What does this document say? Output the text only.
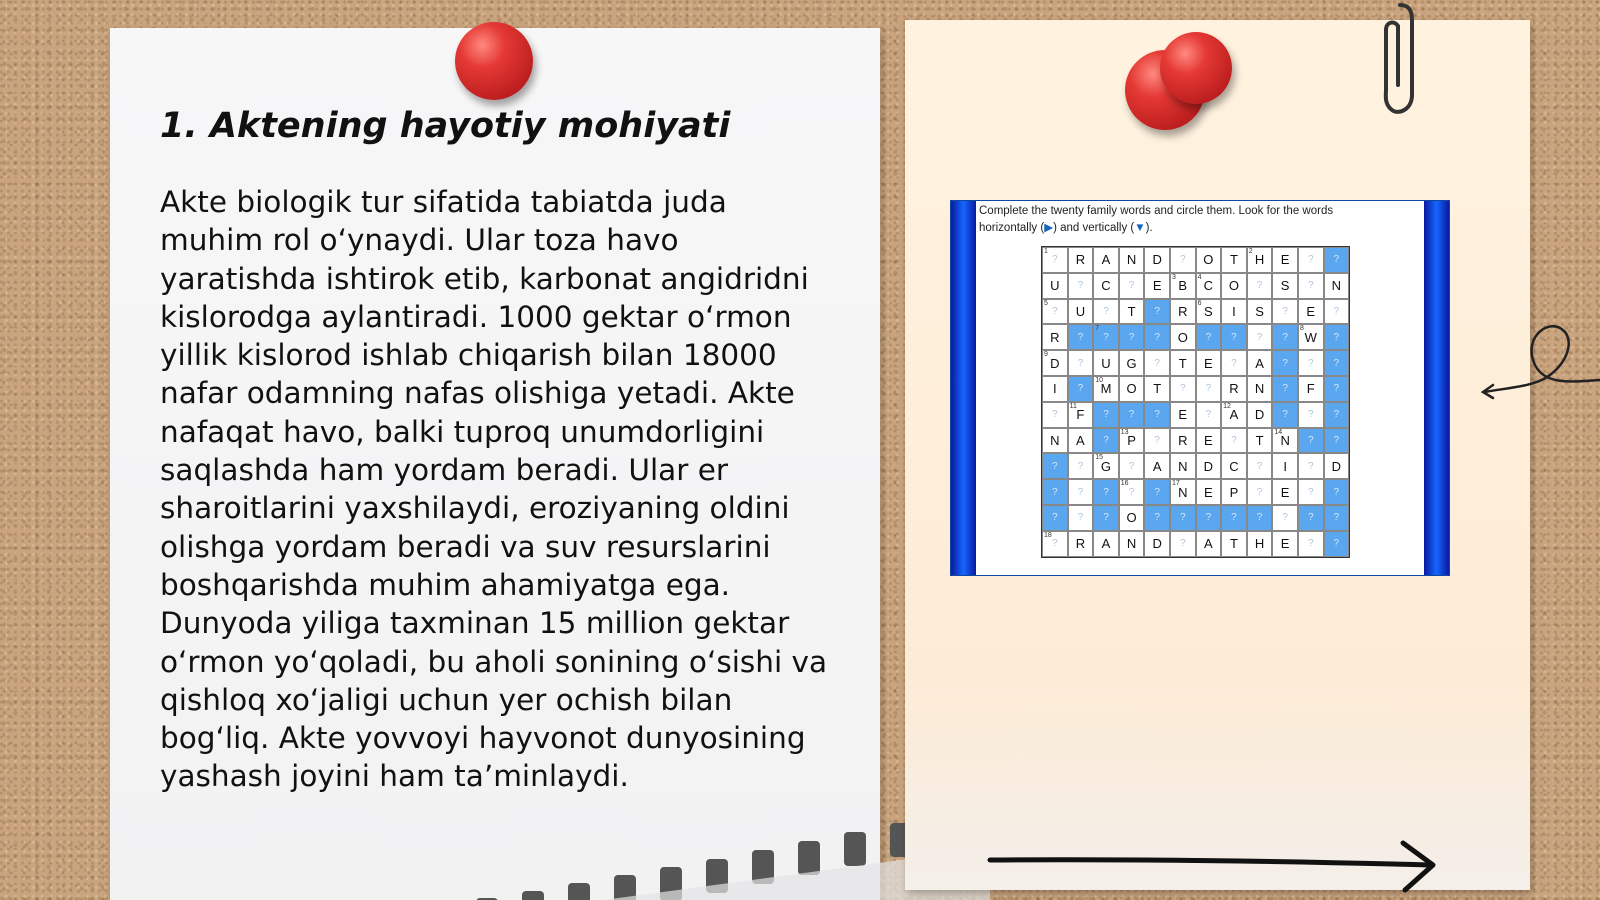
1. Aktening hayotiy mohiyati
Akte biologik tur sifatida tabiatda juda
muhim rol oʻynaydi. Ular toza havo
yaratishda ishtirok etib, karbonat angidridni
kislorodga aylantiradi. 1000 gektar oʻrmon
yillik kislorod ishlab chiqarish bilan 18000
nafar odamning nafas olishiga yetadi. Akte
nafaqat havo, balki tuproq unumdorligini
saqlashda ham yordam beradi. Ular er
sharoitlarini yaxshilaydi, eroziyaning oldini
olishga yordam beradi va suv resurslarini
boshqarishda muhim ahamiyatga ega.
Dunyoda yiliga taxminan 15 million gektar
oʻrmon yoʻqoladi, bu aholi sonining oʻsishi va
qishloq xoʻjaligi uchun yer ochish bilan
bogʻliq. Akte yovvoyi hayvonot dunyosining
yashash joyini ham taʼminlaydi.
Complete the twenty family words and circle them. Look for the words
horizontally (▶) and vertically (▼).
?
1
R A N D ? O T H
2
E ? ?
U ? C ? E B
3
C
4
O ? S ? N
?
5
U ? T ? R S
6
I S ? E ?
R ? ?
7
? ? O ? ? ? ? W
8
?
D
9
? U G ? T E ? A ? ? ?
I ? M
10
O T ? ? R N ? F ?
? F
11
? ? ? E ? A
12
D ? ? ?
N A ? P
13
? R E ? T N
14
? ?
? ? G
15
? A N D C ? I ? D
? ? ? ?
16
? N
17
E P ? E ? ?
? ? ? O ? ? ? ? ? ? ? ?
?
18
R A N D ? A T H E ? ?
